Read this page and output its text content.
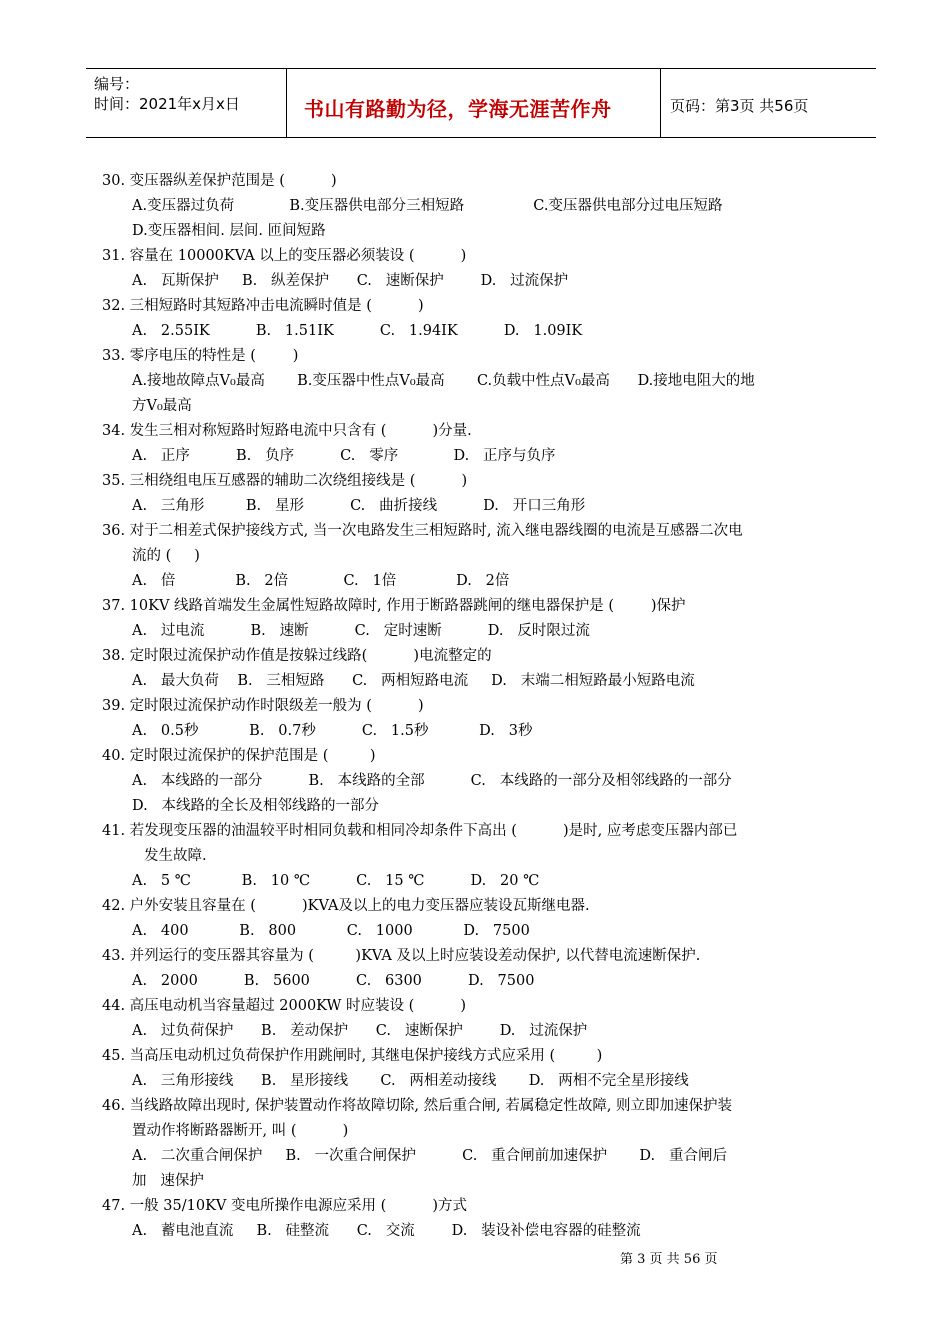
编号：
时间：2021年x月x日	书山有路勤为径，学海无涯苦作舟	页码：第3页 共56页
30. 变压器纵差保护范围是 (          )
A.变压器过负荷            B.变压器供电部分三相短路               C.变压器供电部分过电压短路
D.变压器相间. 层间. 匝间短路
31. 容量在 10000KVA 以上的变压器必须装设 (          )
A.   瓦斯保护     B.   纵差保护      C.   速断保护        D.   过流保护
32. 三相短路时其短路冲击电流瞬时值是 (          )
A.   2.55IK          B.   1.51IK          C.   1.94IK          D.   1.09IK
33. 零序电压的特性是 (        )
A.接地故障点V₀最高       B.变压器中性点V₀最高       C.负载中性点V₀最高      D.接地电阻大的地
方V₀最高
34. 发生三相对称短路时短路电流中只含有 (          )分量.
A.   正序          B.   负序          C.   零序            D.   正序与负序
35. 三相绕组电压互感器的辅助二次绕组接线是 (          )
A.   三角形         B.   星形          C.   曲折接线          D.   开口三角形
36. 对于二相差式保护接线方式, 当一次电路发生三相短路时, 流入继电器线圈的电流是互感器二次电
流的 (     )
A.   倍             B.   2倍            C.   1倍             D.   2倍
37. 10KV 线路首端发生金属性短路故障时, 作用于断路器跳闸的继电器保护是 (        )保护
A.   过电流          B.   速断          C.   定时速断          D.   反时限过流
38. 定时限过流保护动作值是按躲过线路(          )电流整定的
A.   最大负荷    B.   三相短路      C.   两相短路电流     D.   末端二相短路最小短路电流
39. 定时限过流保护动作时限级差一般为 (          )
A.   0.5秒           B.   0.7秒          C.   1.5秒           D.   3秒
40. 定时限过流保护的保护范围是 (         )
A.   本线路的一部分          B.   本线路的全部          C.   本线路的一部分及相邻线路的一部分
D.   本线路的全长及相邻线路的一部分
41. 若发现变压器的油温较平时相同负载和相同冷却条件下高出 (          )是时, 应考虑变压器内部已
发生故障.
A.   5 ℃           B.   10 ℃          C.   15 ℃          D.   20 ℃
42. 户外安装且容量在 (          )KVA及以上的电力变压器应装设瓦斯继电器.
A.   400           B.   800           C.   1000           D.   7500
43. 并列运行的变压器其容量为 (         )KVA 及以上时应装设差动保护, 以代替电流速断保护.
A.   2000          B.   5600          C.   6300          D.   7500
44. 高压电动机当容量超过 2000KW 时应装设 (          )
A.   过负荷保护      B.   差动保护      C.   速断保护        D.   过流保护
45. 当高压电动机过负荷保护作用跳闸时, 其继电保护接线方式应采用 (         )
A.   三角形接线      B.   星形接线       C.   两相差动接线       D.   两相不完全星形接线
46. 当线路故障出现时, 保护装置动作将故障切除, 然后重合闸, 若属稳定性故障, 则立即加速保护装
置动作将断路器断开, 叫 (          )
A.   二次重合闸保护     B.   一次重合闸保护          C.   重合闸前加速保护       D.   重合闸后
加   速保护
47. 一般 35/10KV 变电所操作电源应采用 (          )方式
A.   蓄电池直流     B.   硅整流      C.   交流        D.   装设补偿电容器的硅整流
第 3 页 共 56 页
